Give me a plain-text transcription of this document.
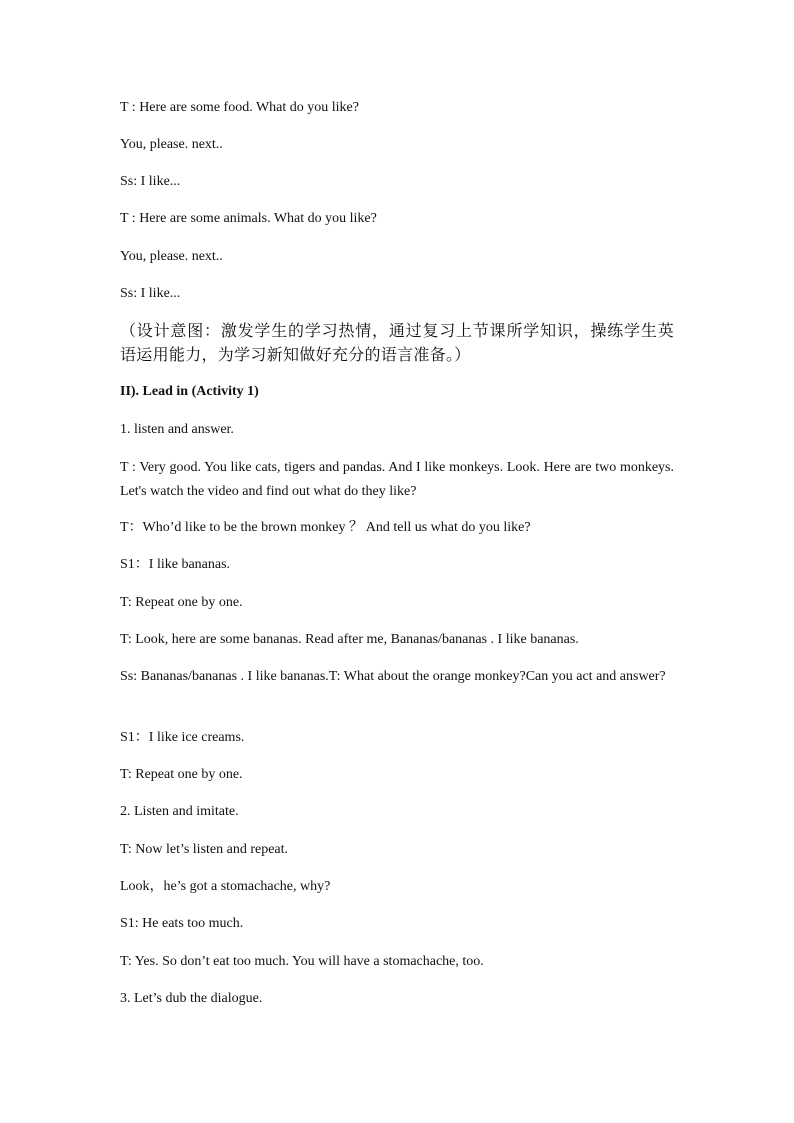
T : Here are some food. What do you like?

You, please. next..

Ss: I like...

T : Here are some animals. What do you like?

You, please. next..

Ss: I like...

（设计意图：激发学生的学习热情，通过复习上节课所学知识，操练学生英语运用能力，为学习新知做好充分的语言准备。）

II). Lead in (Activity 1)

1. listen and answer.

T : Very good. You like cats, tigers and pandas. And I like monkeys. Look. Here are two monkeys. Let's watch the video and find out what do they like?

T：Who’d like to be the brown monkey ？ And tell us what do you like?

S1：I like bananas.

T: Repeat one by one.

T: Look, here are some bananas. Read after me, Bananas/bananas . I like bananas.

Ss: Bananas/bananas . I like bananas.T: What about the orange monkey?Can you act and answer?

S1：I like ice creams.

T: Repeat one by one.

2. Listen and imitate.

T: Now let’s listen and repeat.

Look，he’s got a stomachache, why?

S1: He eats too much.

T: Yes. So don’t eat too much. You will have a stomachache, too.

3. Let’s dub the dialogue.
